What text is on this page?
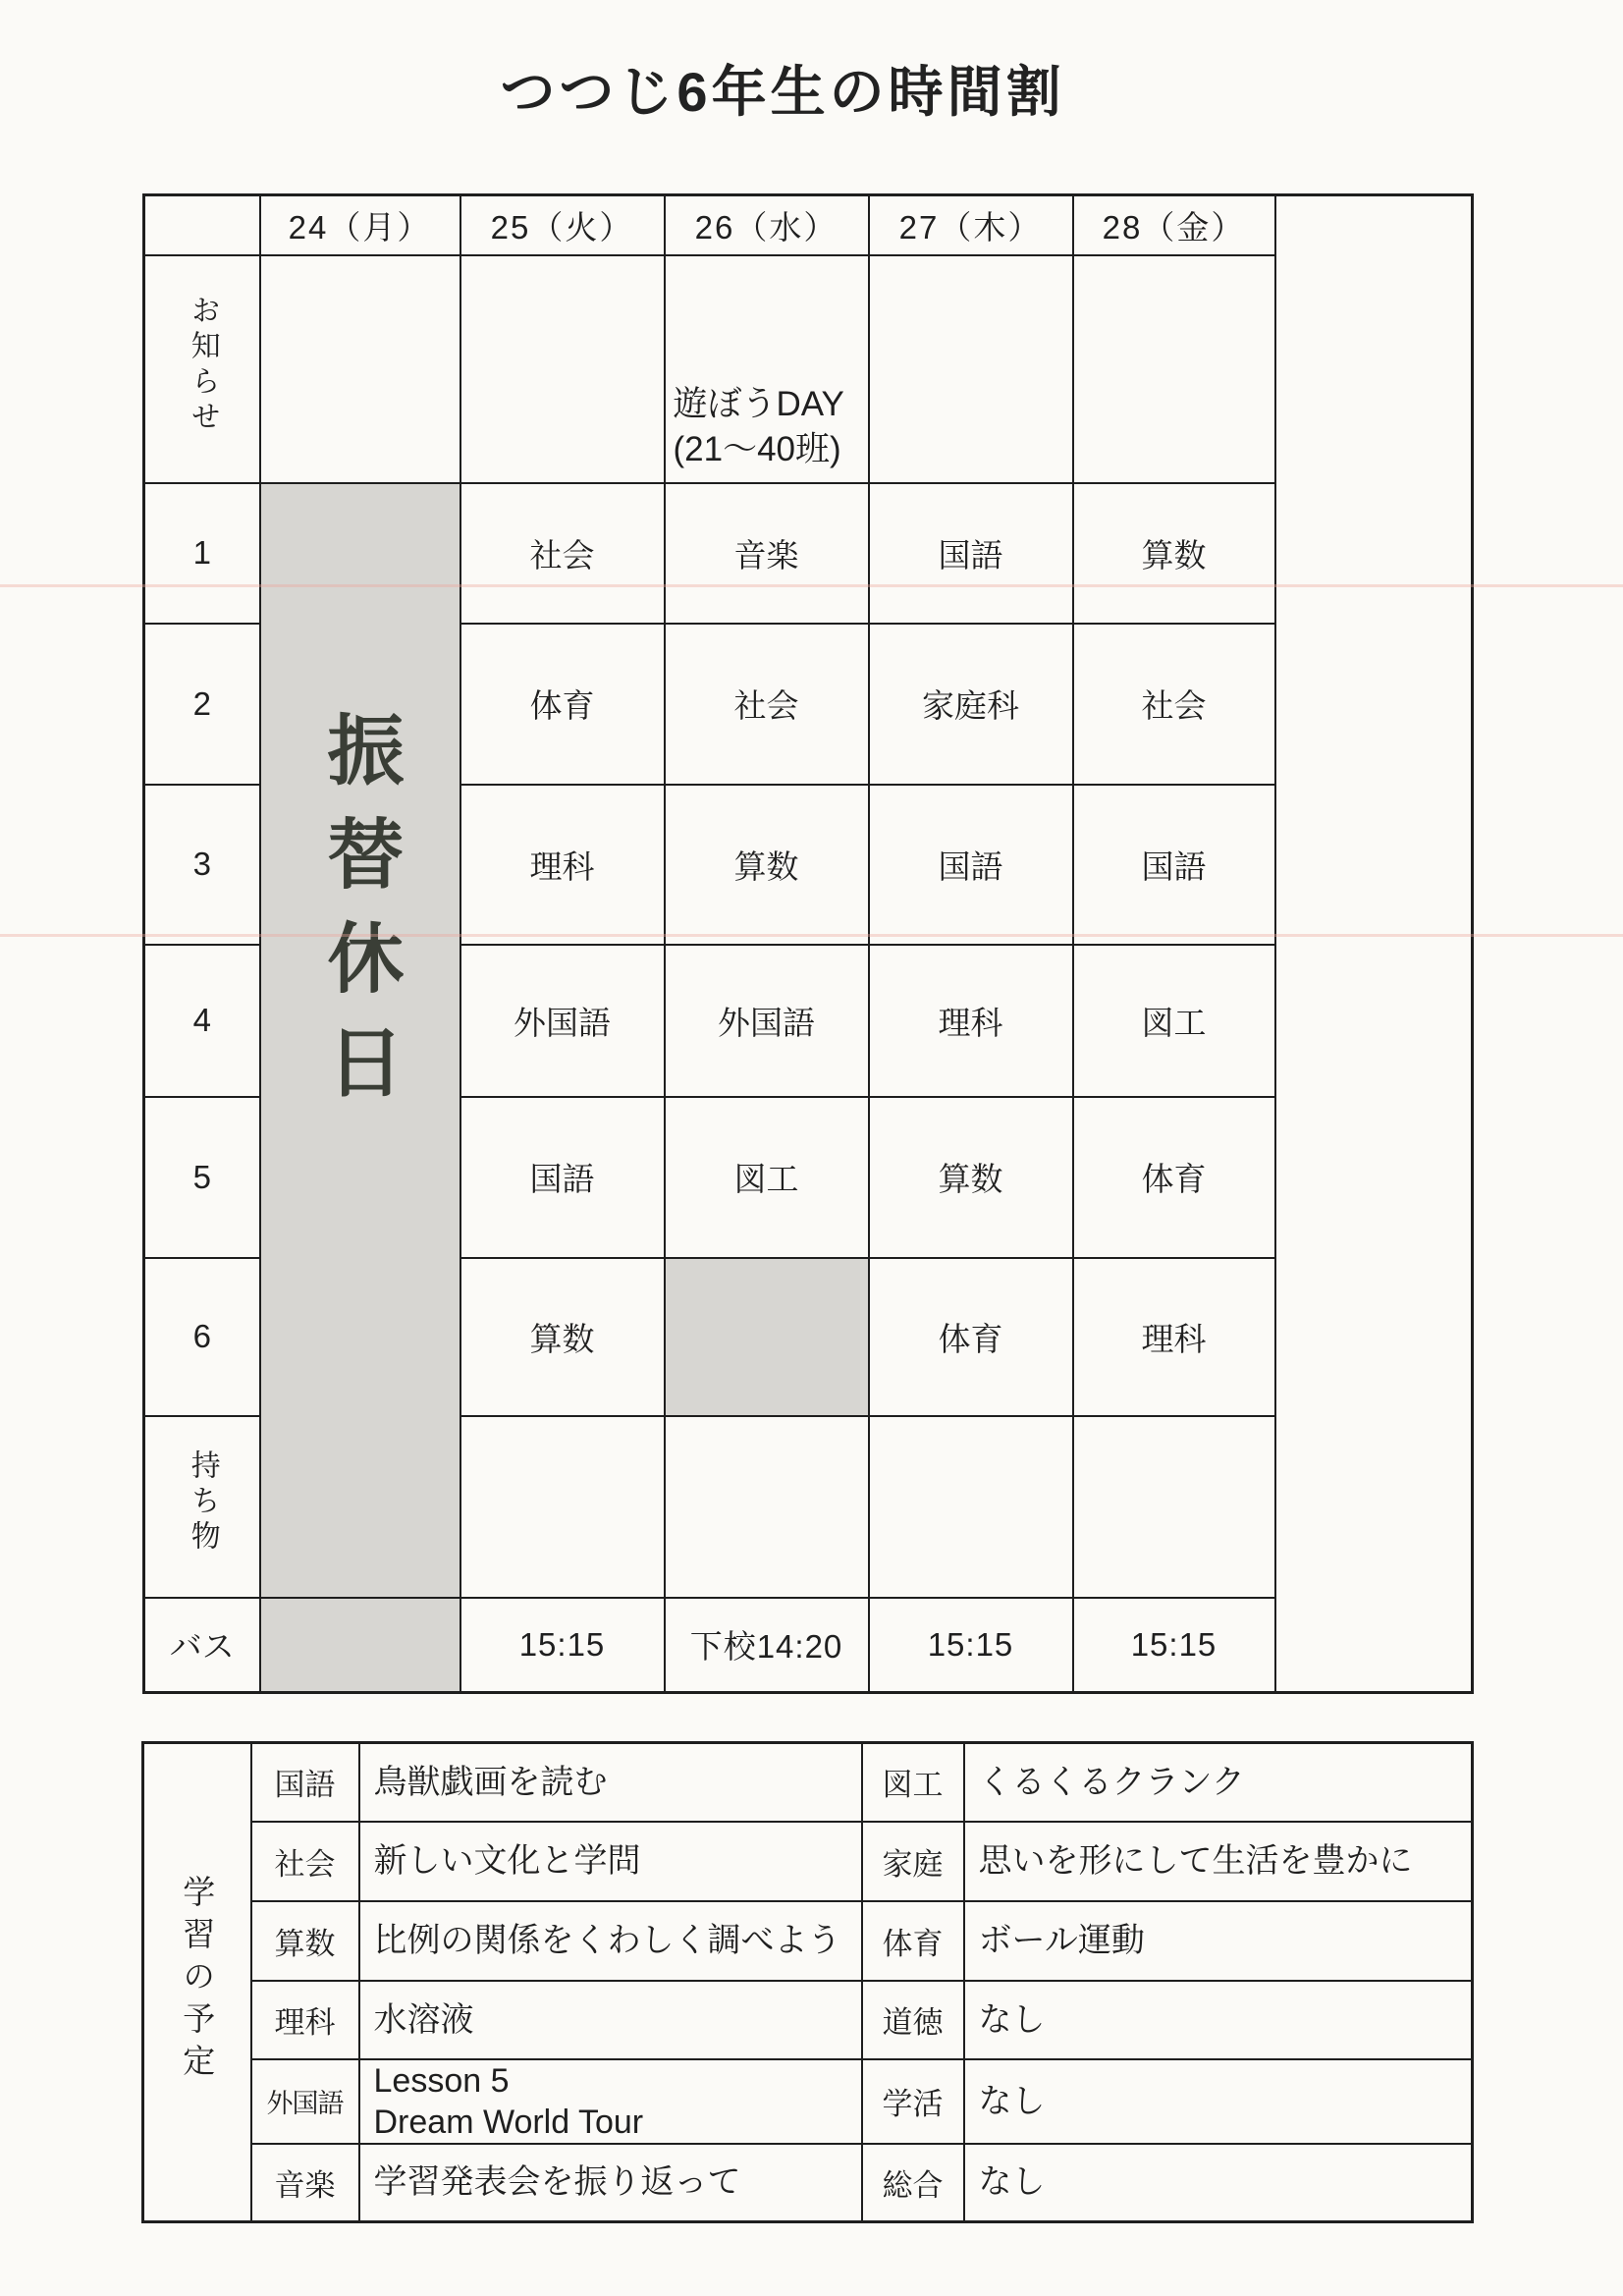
つつじ6年生の時間割
	24（月）	25（火）	26（水）	27（木）	28（金）	
お知らせ			遊ぼうDAY
(21～40班)			

1	振替休日	社会	音楽	国語	算数	
2		体育	社会	家庭科	社会	
3		理科	算数	国語	国語	
4		外国語	外国語	理科	図工	
5		国語	図工	算数	体育	
6		算数		体育	理科	
持ち物						
バス		15:15	下校14:20	15:15	15:15	
学習の予定	国語	鳥獣戯画を読む	図工	くるくるクランク

	社会	新しい文化と学問	家庭	思いを形にして生活を豊かに

	算数	比例の関係をくわしく調べよう	体育	ボール運動

	理科	水溶液	道徳	なし

	外国語	Lesson 5
Dream World Tour	学活	なし

	音楽	学習発表会を振り返って	総合	なし
